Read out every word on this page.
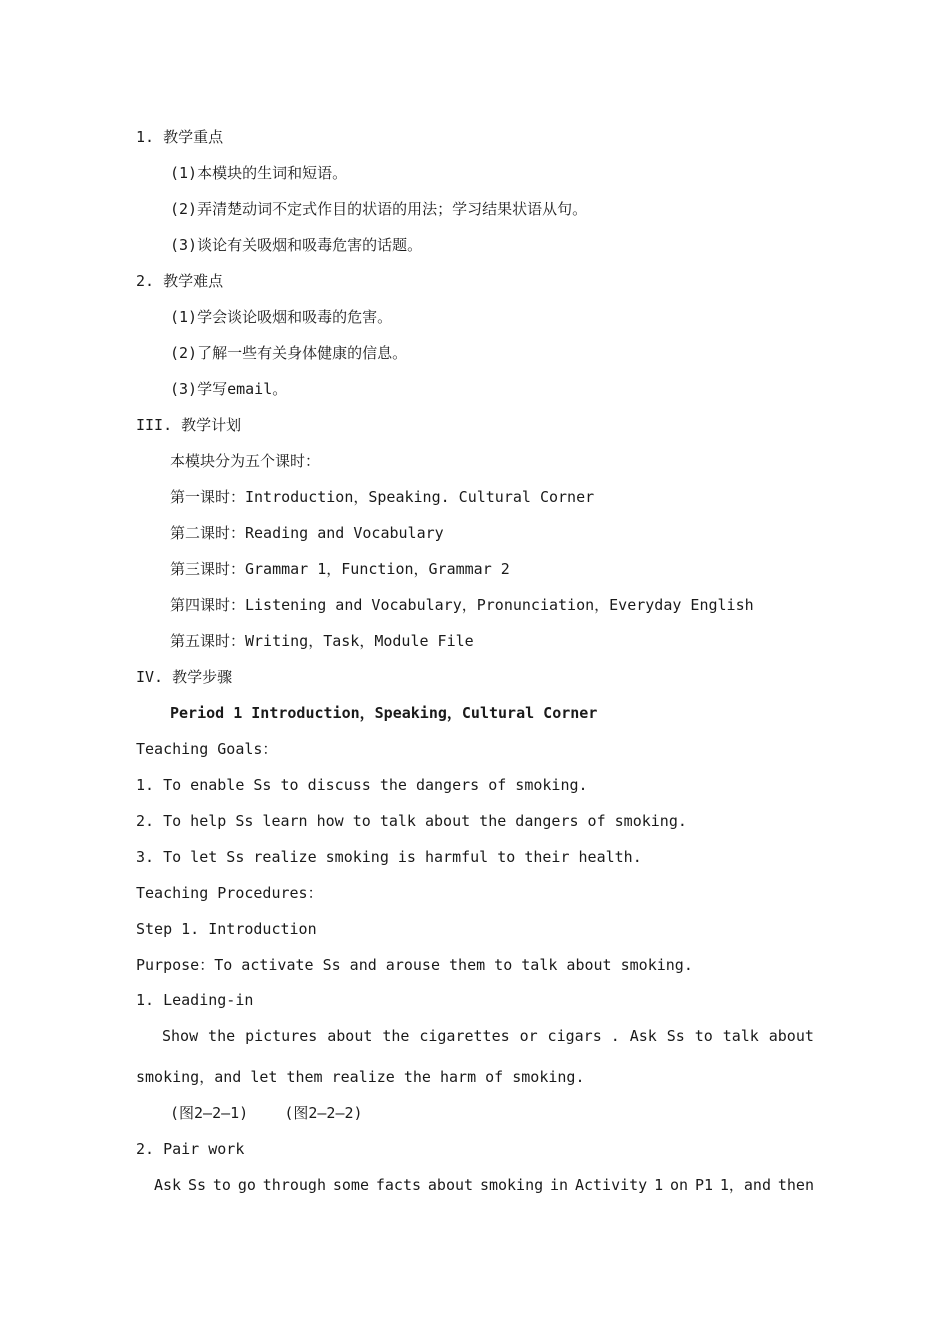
1. 教学重点
(1)本模块的生词和短语。
(2)弄清楚动词不定式作目的状语的用法；学习结果状语从句。
(3)谈论有关吸烟和吸毒危害的话题。
2. 教学难点
(1)学会谈论吸烟和吸毒的危害。
(2)了解一些有关身体健康的信息。
(3)学写email。
III. 教学计划
本模块分为五个课时：
第一课时：Introduction，Speaking. Cultural Corner
第二课时：Reading and Vocabulary
第三课时：Grammar 1，Function，Grammar 2
第四课时：Listening and Vocabulary，Pronunciation，Everyday English
第五课时：Writing，Task，Module File
IV. 教学步骤
Period 1 Introduction，Speaking，Cultural Corner
Teaching Goals：
1. To enable Ss to discuss the dangers of smoking.
2. To help Ss learn how to talk about the dangers of smoking.
3. To let Ss realize smoking is harmful to their health.
Teaching Procedures：
Step 1. Introduction
Purpose：To activate Ss and arouse them to talk about smoking.
1. Leading-in
Show the pictures about the cigarettes or cigars . Ask Ss to talk about
smoking，and let them realize the harm of smoking.
(图2—2—1)    (图2—2—2)
2. Pair work
Ask Ss to go through some facts about smoking in Activity 1 on P1 1，and then
